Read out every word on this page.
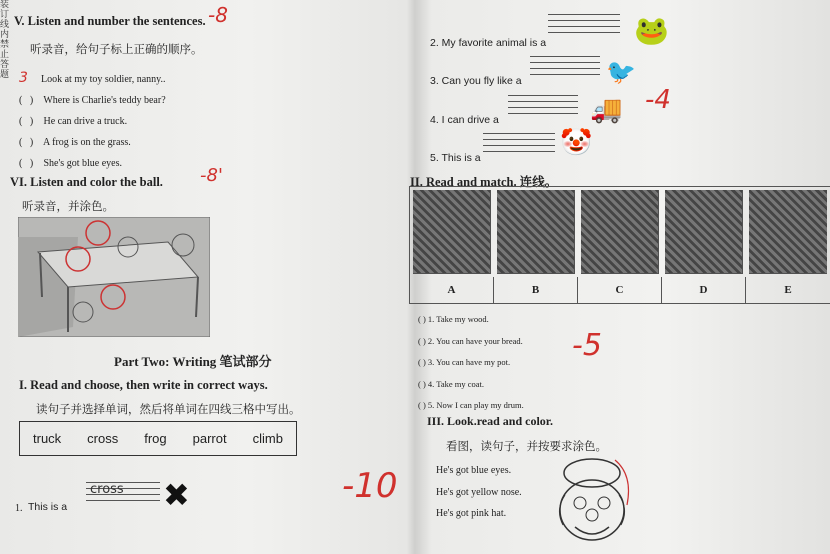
装订线内禁止答题
V. Listen and number the sentences. -8
听录音，给句子标上正确的顺序。
3 Look at my toy soldier, nanny..
(   ) Where is Charlie's teddy bear?
(   ) He can drive a truck.
(   ) A frog is on the grass.
(   ) She's got blue eyes.
VI. Listen and color the ball. -8'
听录音，并涂色。
Part Two: Writing 笔试部分
I. Read and choose, then write in correct ways.
读句子并选择单词，然后将单词在四线三格中写出。
truck cross frog parrot climb
1. This is a
cross ✖	-10

2. My favorite animal is a	🐸
3. Can you fly like a	🐦
4. I can drive a	🚚 -4
5. This is a
🤡
II. Read and match. 连线。
A	B	C	D	E
( ) 1. Take my wood.
( ) 2. You can have your bread.
( ) 3. You can have my pot.
( ) 4. Take my coat.
( ) 5. Now I can play my drum.
-5
III. Look.read and color.
看图，读句子，并按要求涂色。
He's got blue eyes.
He's got yellow nose.
He's got pink hat.
